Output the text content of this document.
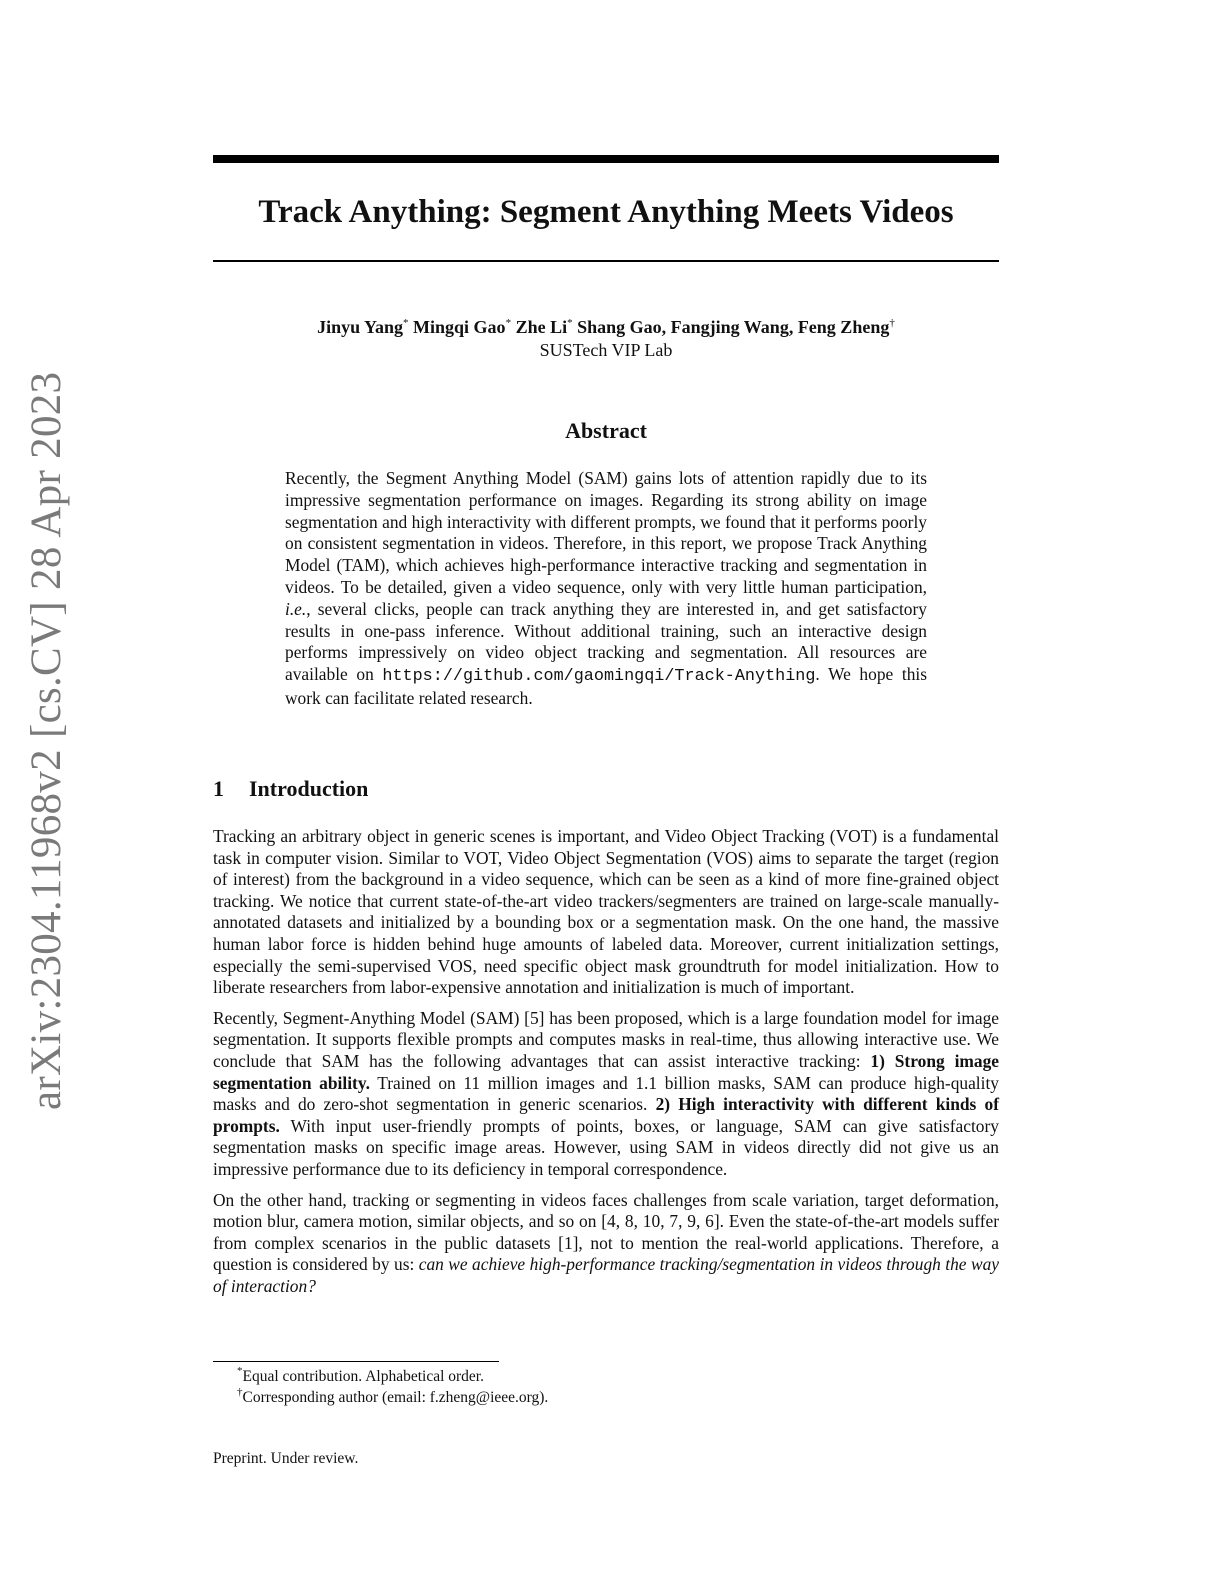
arXiv:2304.11968v2 [cs.CV] 28 Apr 2023
Track Anything: Segment Anything Meets Videos
Jinyu Yang* Mingqi Gao* Zhe Li* Shang Gao, Fangjing Wang, Feng Zheng†
SUSTech VIP Lab
Abstract
Recently, the Segment Anything Model (SAM) gains lots of attention rapidly due to its impressive segmentation performance on images. Regarding its strong ability on image segmentation and high interactivity with different prompts, we found that it performs poorly on consistent segmentation in videos. Therefore, in this report, we propose Track Anything Model (TAM), which achieves high-performance interactive tracking and segmentation in videos. To be detailed, given a video sequence, only with very little human participation, i.e., several clicks, people can track anything they are interested in, and get satisfactory results in one-pass inference. Without additional training, such an interactive design performs impressively on video object tracking and segmentation. All resources are available on https://github.com/gaomingqi/Track-Anything. We hope this work can facilitate related research.
1 Introduction

Tracking an arbitrary object in generic scenes is important, and Video Object Tracking (VOT) is a fundamental task in computer vision. Similar to VOT, Video Object Segmentation (VOS) aims to separate the target (region of interest) from the background in a video sequence, which can be seen as a kind of more fine-grained object tracking. We notice that current state-of-the-art video trackers/segmenters are trained on large-scale manually-annotated datasets and initialized by a bounding box or a segmentation mask. On the one hand, the massive human labor force is hidden behind huge amounts of labeled data. Moreover, current initialization settings, especially the semi-supervised VOS, need specific object mask groundtruth for model initialization. How to liberate researchers from labor-expensive annotation and initialization is much of important.

Recently, Segment-Anything Model (SAM) [5] has been proposed, which is a large foundation model for image segmentation. It supports flexible prompts and computes masks in real-time, thus allowing interactive use. We conclude that SAM has the following advantages that can assist interactive tracking: 1) Strong image segmentation ability. Trained on 11 million images and 1.1 billion masks, SAM can produce high-quality masks and do zero-shot segmentation in generic scenarios. 2) High interactivity with different kinds of prompts. With input user-friendly prompts of points, boxes, or language, SAM can give satisfactory segmentation masks on specific image areas. However, using SAM in videos directly did not give us an impressive performance due to its deficiency in temporal correspondence.

On the other hand, tracking or segmenting in videos faces challenges from scale variation, target deformation, motion blur, camera motion, similar objects, and so on [4, 8, 10, 7, 9, 6]. Even the state-of-the-art models suffer from complex scenarios in the public datasets [1], not to mention the real-world applications. Therefore, a question is considered by us: can we achieve high-performance tracking/segmentation in videos through the way of interaction?

*Equal contribution. Alphabetical order.

†Corresponding author (email: f.zheng@ieee.org).

Preprint. Under review.
